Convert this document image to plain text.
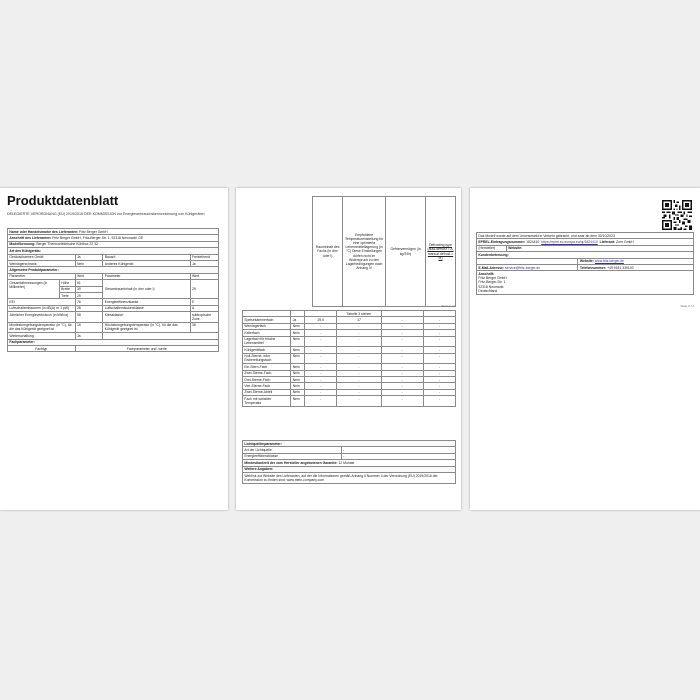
Produktdatenblatt
DELEGIERTE VERORDNUNG (EU) 2019/2016 DER KOMMISSION zur Energieverbrauchskennzeichnung von Kühlgeräten
Name oder Handelsmarke des Lieferanten: Fritz Berger GmbH				
Anschrift des Lieferanten: Fritz Berger GmbH, Fritz-Berger-Str. 1, 92318 Neumarkt, DE				
Modellkennung: Berger Thermoelektrische Kühlbox 22 32				
Art des Kühlgeräts:				
Geräuscharmes Gerät:		Ja	Bauart:	Freistehend
Weinlagerschrank:		Nein	Anderes Kühlgerät:	Ja
Allgemeine Produktparameter:				
Parameter		Wert	Parameter	Wert
Gesamtabmessungen (in Millimeter)	Höhe	51	Gesamtrauminhalt (in dm³ oder l)	29
	Breite	39		
	Tiefe	29		
EEI		76	Energieeffizienzklasse	E
Luftschallemissionen (in dB(A) re 1 pW)		26	Luftschallemissionsklasse	A
Jährlicher Energieverbrauch (in kWh/a)		58	Klimaklasse:	subtropische Zone
Mindestumgebungstemperatur (in °C), für die das Kühlgerät geeignet ist		16	Höchstumgebungstemperatur (in °C), für die das Kühlgerät geeignet ist	38
Winterschaltung		Ja		
Fachparameter:				
Fachtyp		Fachparameter und -werte		
Rauminhalt des Fachs (in dm³ oder l)	Empfohlene Temperatureinstellung für eine optimierte Lebensmittellagerung (in °C) Diese Einstellungen dürfen nicht im Widerspruch zu den Lagerbedingungen nach Anhang IV	Gefriervermögen (in kg/24h)	Defrosting type (auto-defrost = A, manual defrost = M)
Seite 1 / 2
			Tabelle 3 stehen		
Speisekammerfach	Ja	29,0	17	-	-
Weinlagerfach	Nein	-	-	-	-
Kellerfach	Nein	-	-	-	-
Lagerfach für frische Lebensmittel	Nein	-	-	-	-
Kühlgerätfach	Nein	-	-	-	-
Null-Sterne- oder Eisbereitungsfach	Nein	-	-	-	-
Ein-Stern-Fach	Nein	-	-	-	-
Zwei-Sterne-Fach	Nein	-	-	-	-
Drei-Sterne-Fach	Nein	-	-	-	-
Vier-Sterne-Fach	Nein	-	-	-	-
Zwei-Sterne-Abteil	Nein	-	-	-	-
Fach mit variabler Temperatur	Nein	-	-	-	-
Lichtquellenparameter:	
Art der Lichtquelle	-
Energieeffizienzklasse	-
Mindestlaufzeit der vom Hersteller angebotenen Garantie: 12 Monate	
Weitere Angaben:	
Weblink zur Website des Lieferanten, auf der die Informationen gemäß Anhang II Nummer 4 der Verordnung (EU) 2019/2016 der Kommission zu finden sind: www.mein-company.com	
Das Modell wurde auf dem Unionsmarkt in Verkehr gebracht, und zwar ab dem 30/10/2023		
EPREL-Eintragungsnummer: 1824410 https://eprel.ec.europa.eu/qr/1824410 Lieferant: Zorn GmbH		
(Hersteller)	Website:	
Kundenbetreuung:		
		Website: www.fritz-berger.de
E-Mail-Adresse: service@fritz-berger.de		Telefonnummer: +49 9181 330100
Anschrift:
Fritz Berger GmbH
Fritz-Berger-Str. 1
92318 Neumarkt
Deutschland		
Seite 2 / 2
